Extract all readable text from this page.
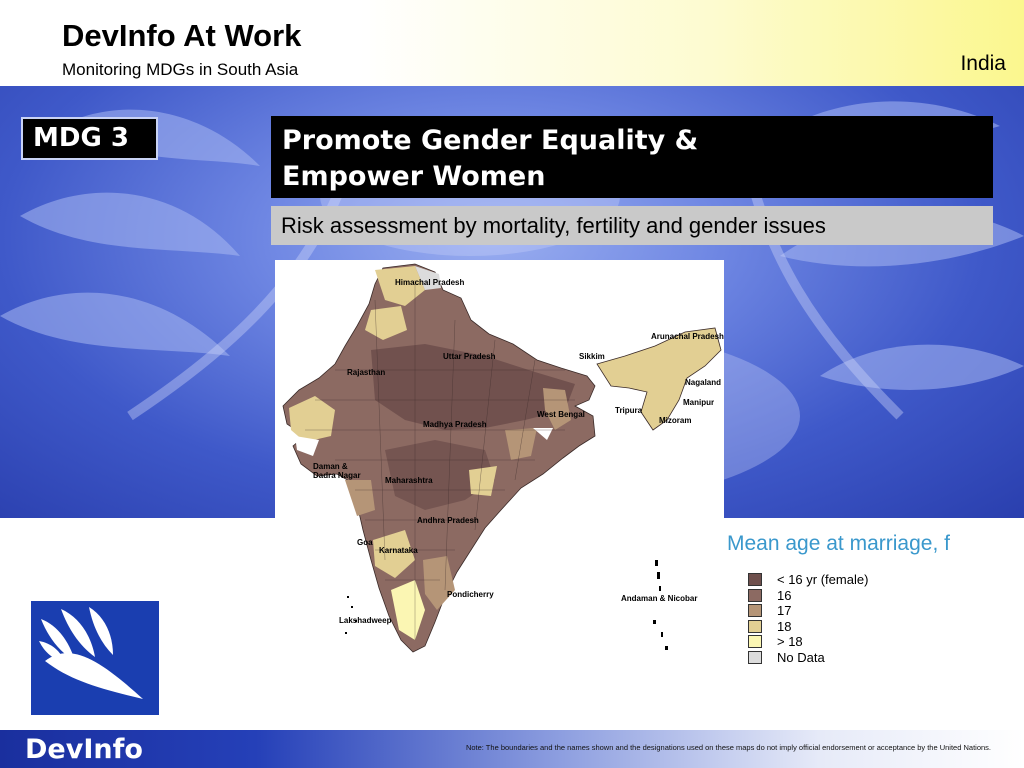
DevInfo At Work
Monitoring MDGs in South Asia	India
MDG 3	Promote Gender Equality &
Empower Women
Risk assessment by mortality, fertility and gender issues
Himachal Pradesh
Uttar Pradesh
Rajasthan
Madhya Pradesh
Sikkim
Arunachal Pradesh
Nagaland
Manipur
Tripura
Mizoram
West Bengal
Daman &
Dadra Nagar
Maharashtra
Andhra Pradesh
Goa
Karnataka
Pondicherry	Andaman & Nicobar
Lakshadweep
Mean age at marriage, f
< 16 yr (female)
16
17
18
> 18
No Data
DevInfo	Note: The boundaries and the names shown and the designations used on these maps do not imply official endorsement or acceptance by the United Nations.
